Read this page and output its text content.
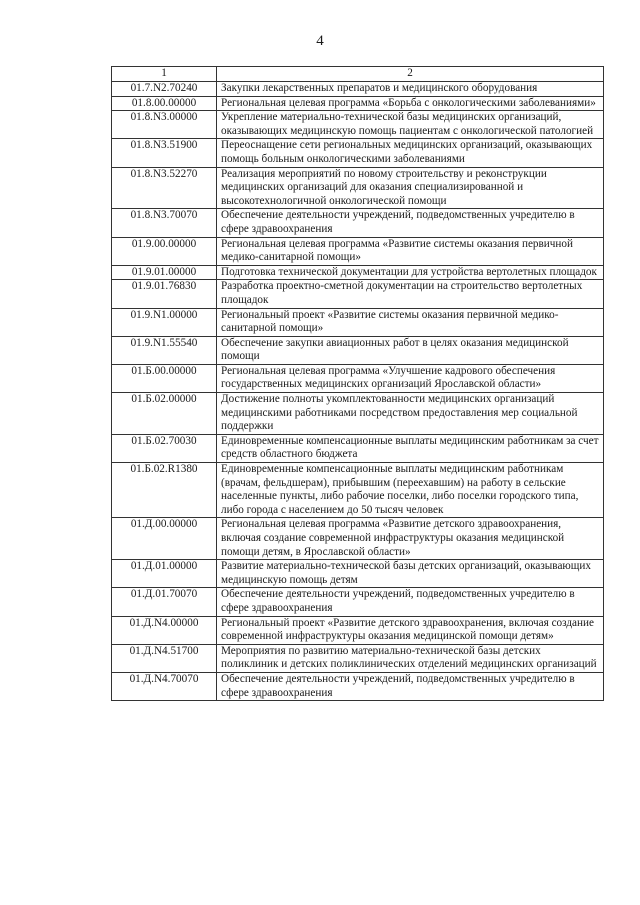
4
1	2
01.7.N2.70240	Закупки лекарственных препаратов и медицинского оборудования
01.8.00.00000	Региональная целевая программа «Борьба с онкологическими заболеваниями»
01.8.N3.00000	Укрепление материально-технической базы медицинских организаций, оказывающих медицинскую помощь пациентам с онкологической патологией
01.8.N3.51900	Переоснащение сети региональных медицинских организаций, оказывающих помощь больным онкологическими заболеваниями
01.8.N3.52270	Реализация мероприятий по новому строительству и реконструкции медицинских организаций для оказания специализированной и высокотехнологичной онкологической помощи
01.8.N3.70070	Обеспечение деятельности учреждений, подведомственных учредителю в сфере здравоохранения
01.9.00.00000	Региональная целевая программа «Развитие системы оказания первичной медико-санитарной помощи»
01.9.01.00000	Подготовка технической документации для устройства вертолетных площадок
01.9.01.76830	Разработка проектно-сметной документации на строительство вертолетных площадок
01.9.N1.00000	Региональный проект «Развитие системы оказания первичной медико-санитарной помощи»
01.9.N1.55540	Обеспечение закупки авиационных работ в целях оказания медицинской помощи
01.Б.00.00000	Региональная целевая программа «Улучшение кадрового обеспечения государственных медицинских организаций Ярославской области»
01.Б.02.00000	Достижение полноты укомплектованности медицинских организаций медицинскими работниками посредством предоставления мер социальной поддержки
01.Б.02.70030	Единовременные компенсационные выплаты медицинским работникам за счет средств областного бюджета
01.Б.02.R1380	Единовременные компенсационные выплаты медицинским работникам (врачам, фельдшерам), прибывшим (переехавшим) на работу в сельские населенные пункты, либо рабочие поселки, либо поселки городского типа, либо города с населением до 50 тысяч человек
01.Д.00.00000	Региональная целевая программа «Развитие детского здравоохранения, включая создание современной инфраструктуры оказания медицинской помощи детям, в Ярославской области»
01.Д.01.00000	Развитие материально-технической базы детских организаций, оказывающих медицинскую помощь детям
01.Д.01.70070	Обеспечение деятельности учреждений, подведомственных учредителю в сфере здравоохранения
01.Д.N4.00000	Региональный проект «Развитие детского здравоохранения, включая создание современной инфраструктуры оказания медицинской помощи детям»
01.Д.N4.51700	Мероприятия по развитию материально-технической базы детских поликлиник и детских поликлинических отделений медицинских организаций
01.Д.N4.70070	Обеспечение деятельности учреждений, подведомственных учредителю в сфере здравоохранения
